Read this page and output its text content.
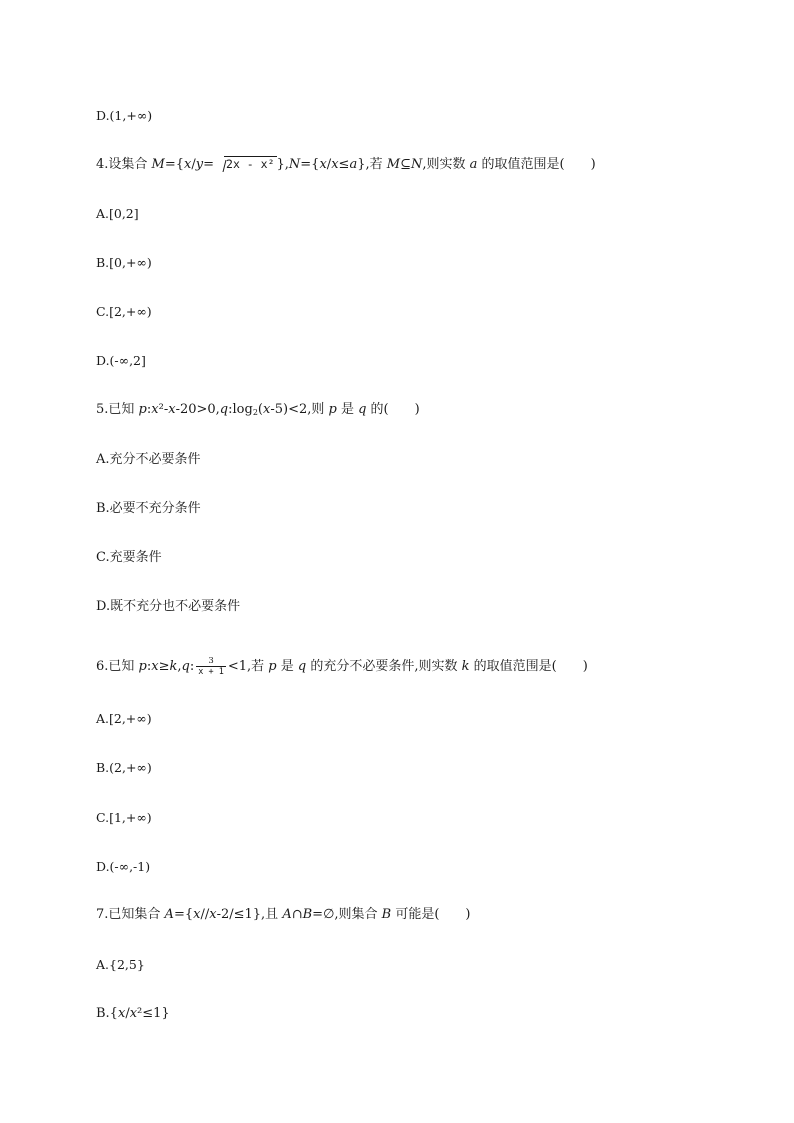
D.(1,+∞)
4.设集合 M={x/y= 2x - x² },N={x/x≤a},若 M⊆N,则实数 a 的取值范围是(　　)
A.[0,2]
B.[0,+∞)
C.[2,+∞)
D.(-∞,2]
5.已知 $p:x^2-x-20>0,q:\log_2(x-5)<2$,则 p 是 q 的(　　)
A.充分不必要条件
B.必要不充分条件
C.充要条件
D.既不充分也不必要条件
6.已知 p:x≥k,q: $\frac{3}{x + 1} <1$,若 p 是 q 的充分不必要条件,则实数 k 的取值范围是(　　)
A.[2,+∞)
B.(2,+∞)
C.[1,+∞)
D.(-∞,-1)
7.已知集合 A={x//x-2/≤1},且 A∩B=∅,则集合 B 可能是(　　)
A.{2,5}
B.{x/x²≤1}
